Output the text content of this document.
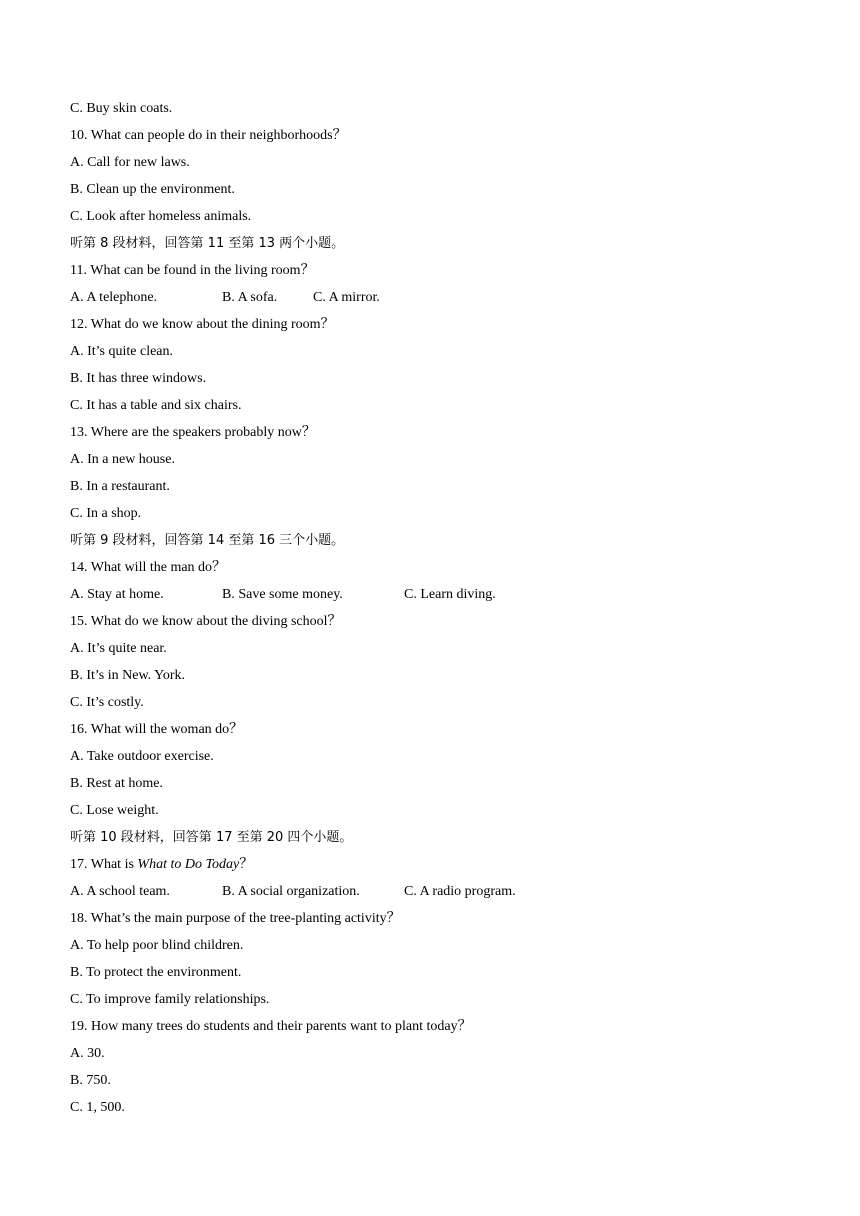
C. Buy skin coats.
10. What can people do in their neighborhoods？
A. Call for new laws.
B. Clean up the environment.
C. Look after homeless animals.
听第 8 段材料，回答第 11 至第 13 两个小题。
11. What can be found in the living room？
A. A telephone.	B. A sofa.	C. A mirror.
12. What do we know about the dining room？
A. It’s quite clean.
B. It has three windows.
C. It has a table and six chairs.
13. Where are the speakers probably now？
A. In a new house.
B. In a restaurant.
C. In a shop.
听第 9 段材料，回答第 14 至第 16 三个小题。
14. What will the man do？
A. Stay at home.	B. Save some money.	C. Learn diving.
15. What do we know about the diving school？
A. It’s quite near.
B. It’s in New. York.
C. It’s costly.
16. What will the woman do？
A. Take outdoor exercise.
B. Rest at home.
C. Lose weight.
听第 10 段材料，回答第 17 至第 20 四个小题。
17. What is What to Do Today？
A. A school team.	B. A social organization.	C. A radio program.
18. What’s the main purpose of the tree-planting activity？
A. To help poor blind children.
B. To protect the environment.
C. To improve family relationships.
19. How many trees do students and their parents want to plant today？
A. 30.
B. 750.
C. 1, 500.
